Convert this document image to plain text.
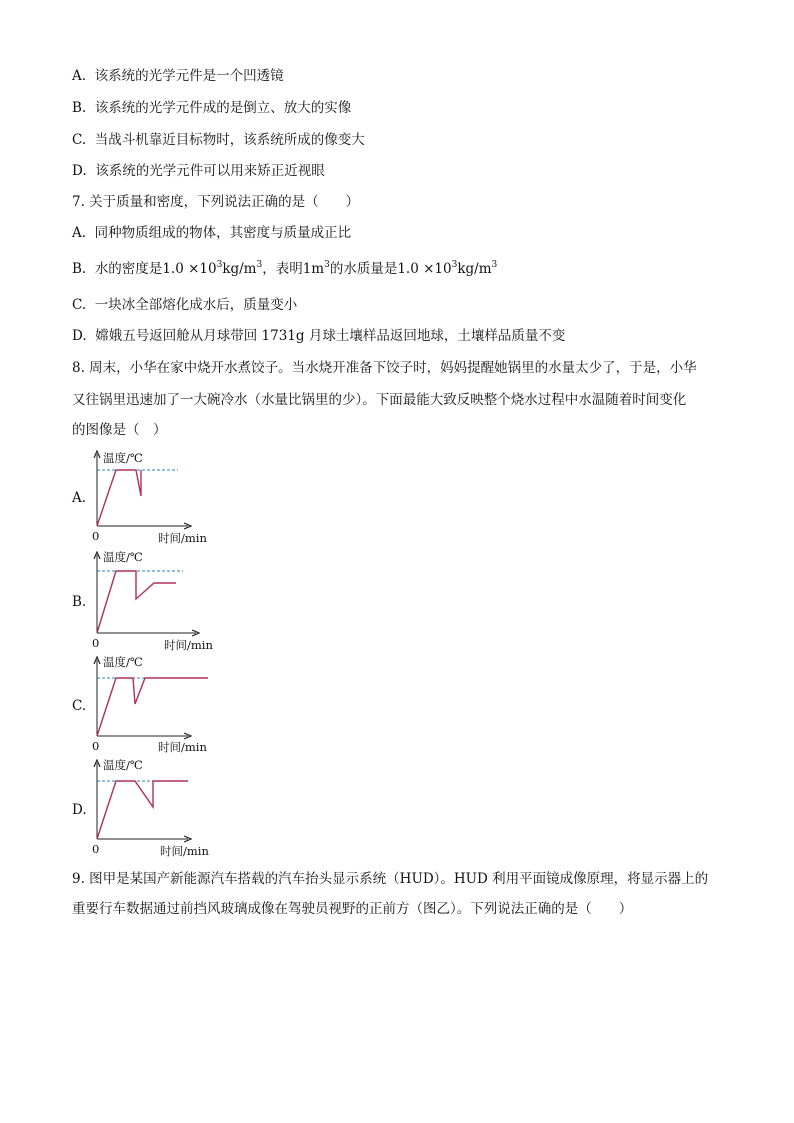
A. 该系统的光学元件是一个凹透镜
B. 该系统的光学元件成的是倒立、放大的实像
C. 当战斗机靠近目标物时，该系统所成的像变大
D. 该系统的光学元件可以用来矫正近视眼
7. 关于质量和密度，下列说法正确的是（　　）
A. 同种物质组成的物体，其密度与质量成正比
B. 水的密度是$1.0 \times 10^3kg/m^3$，表明$1m^3$的水质量是$1.0 \times 10^3kg/m^3$
C. 一块冰全部熔化成水后，质量变小
D. 嫦娥五号返回舱从月球带回 1731g 月球土壤样品返回地球，土壤样品质量不变
8. 周末，小华在家中烧开水煮饺子。当水烧开准备下饺子时，妈妈提醒她锅里的水量太少了，于是，小华
又往锅里迅速加了一大碗冷水（水量比锅里的少）。下面最能大致反映整个烧水过程中水温随着时间变化
的图像是（　）
A.
温度/℃
0	时间/min
B.
温度/℃
0	时间/min
C.
温度/℃
0	时间/min
D.
温度/℃
0	时间/min
9. 图甲是某国产新能源汽车搭载的汽车抬头显示系统（HUD）。HUD 利用平面镜成像原理，将显示器上的
重要行车数据通过前挡风玻璃成像在驾驶员视野的正前方（图乙）。下列说法正确的是（　　）
